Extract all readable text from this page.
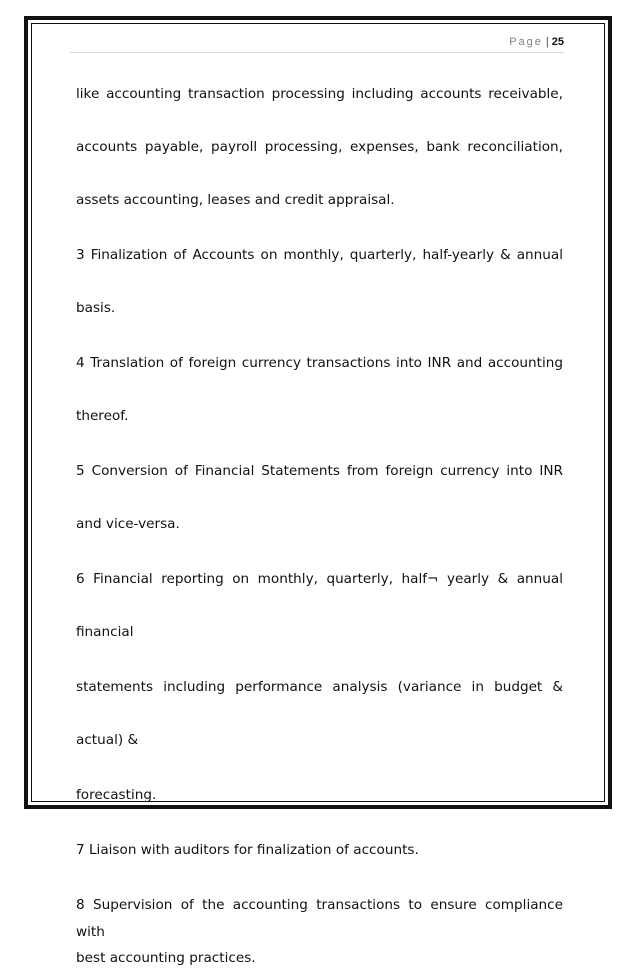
Page | 25

like accounting transaction processing including accounts receivable,

accounts payable, payroll processing, expenses, bank reconciliation,

assets accounting, leases and credit appraisal.

3 Finalization of Accounts on monthly, quarterly, half-yearly & annual

basis.

4 Translation of foreign currency transactions into INR and accounting

thereof.

5 Conversion of Financial Statements from foreign currency into INR

and vice-versa.

6 Financial reporting on monthly, quarterly, half¬ yearly & annual

financial

statements including performance analysis (variance in budget &

actual) &

forecasting.

7 Liaison with auditors for finalization of accounts.

8 Supervision of the accounting transactions to ensure compliance with

best accounting practices.
